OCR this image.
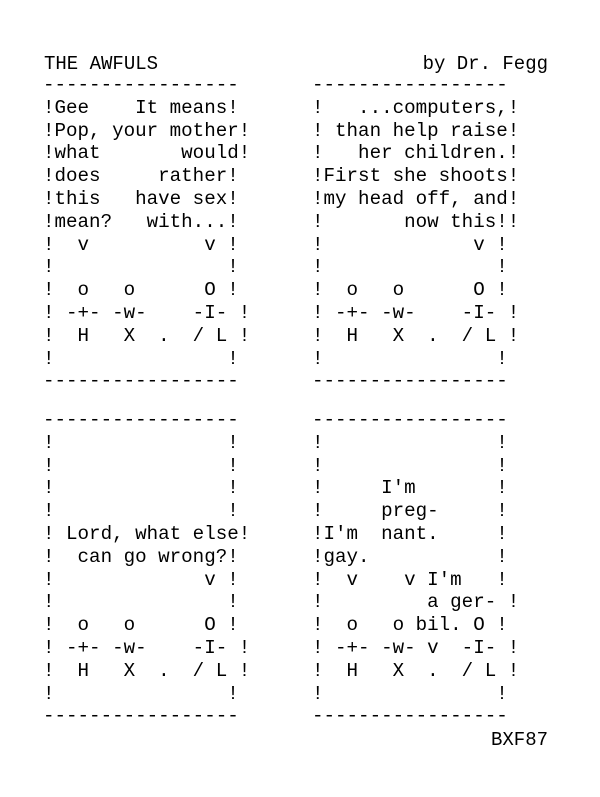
THE AWFULS	by Dr. Fegg
-----------------
!Gee    It means!
!Pop, your mother!
!what       would!
!does     rather!
!this   have sex!
!mean?   with...!
!  v          v !
!               !
!  o   o      O !
! -+- -w-    -I- !
!  H   X  .  / L !
!               !
-----------------
-----------------
!   ...computers,!
! than help raise!
!   her children.!
!First she shoots!
!my head off, and!
!       now this!!
!             v !
!               !
!  o   o      O !
! -+- -w-    -I- !
!  H   X  .  / L !
!               !
-----------------
-----------------
!               !
!               !
!               !
!               !
! Lord, what else!
!  can go wrong?!
!             v !
!               !
!  o   o      O !
! -+- -w-    -I- !
!  H   X  .  / L !
!               !
-----------------
-----------------
!               !
!               !
!     I'm       !
!     preg-     !
!I'm  nant.     !
!gay.           !
!  v    v I'm   !
!         a ger- !
!  o   o bil. O !
! -+- -w- v  -I- !
!  H   X  .  / L !
!               !
-----------------
BXF87
